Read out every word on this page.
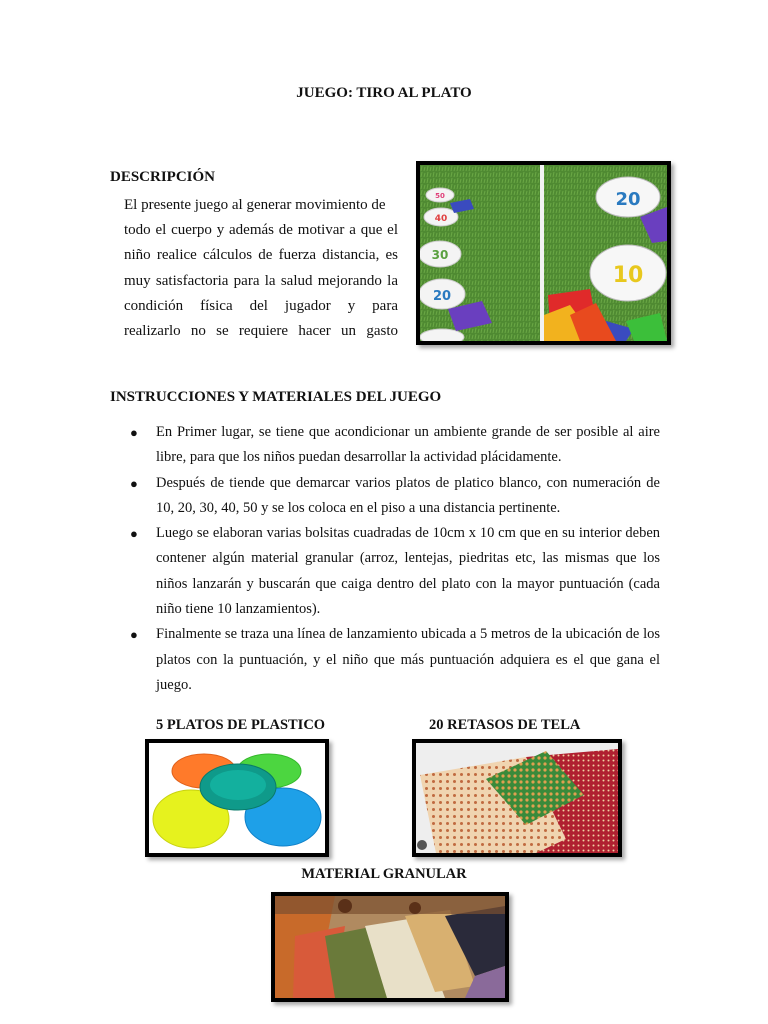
JUEGO: TIRO AL PLATO
DESCRIPCIÓN
El presente juego al generar movimiento de
todo el cuerpo y además de motivar a que el
niño realice cálculos de fuerza distancia, es
muy satisfactoria para la salud mejorando la
condición física del jugador y para
realizarlo no se requiere hacer un gasto
50
40
30
20
20
10
INSTRUCCIONES Y MATERIALES DEL JUEGO
● En Primer lugar, se tiene que acondicionar un ambiente grande de ser posible al aire libre, para que los niños puedan desarrollar la actividad plácidamente.
● Después de tiende que demarcar varios platos de platico blanco, con numeración de 10, 20, 30, 40, 50 y se los coloca en el piso a una distancia pertinente.
● Luego se elaboran varias bolsitas cuadradas de 10cm x 10 cm que en su interior deben contener algún material granular (arroz, lentejas, piedritas etc, las mismas que los niños lanzarán y buscarán que caiga dentro del plato con la mayor puntuación (cada niño tiene 10 lanzamientos).
● Finalmente se traza una línea de lanzamiento ubicada a 5 metros de la ubicación de los platos con la puntuación, y el niño que más puntuación adquiera es el que gana el juego.
5 PLATOS DE PLASTICO	20 RETASOS DE TELA
MATERIAL GRANULAR
